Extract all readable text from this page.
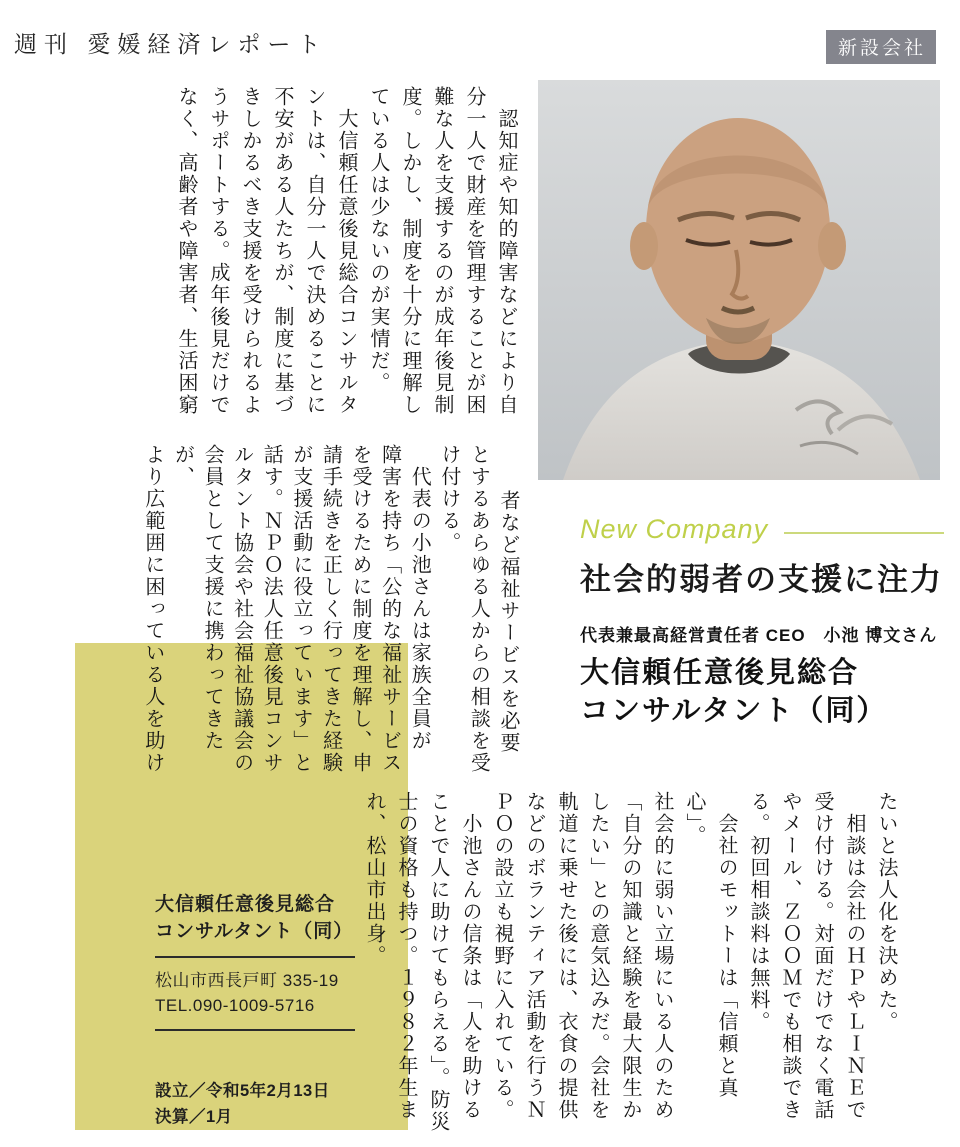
週刊 愛媛経済レポート	新設会社
　認知症や知的障害などにより自
分一人で財産を管理することが困
難な人を支援するのが成年後見制
度。しかし、制度を十分に理解し
ている人は少ないのが実情だ。
　大信頼任意後見総合コンサルタ
ントは、自分一人で決めることに
不安がある人たちが、制度に基づ
きしかるべき支援を受けられるよ
うサポートする。成年後見だけで
なく、高齢者や障害者、生活困窮
者など福祉サービスを必要
とするあらゆる人からの相談を受
け付ける。
　代表の小池さんは家族全員が
障害を持ち「公的な福祉サービス
を受けるために制度を理解し、申
請手続きを正しく行ってきた経験
が支援活動に役立っています」と
話す。ＮＰＯ法人任意後見コンサ
ルタント協会や社会福祉協議会の
会員として支援に携わってきたが、
より広範囲に困っている人を助け
たいと法人化を決めた。
　相談は会社のＨＰやＬＩＮＥで
受け付ける。対面だけでなく電話
やメール、ＺＯＯＭでも相談でき
る。初回相談料は無料。
　会社のモットーは「信頼と真心」。
社会的に弱い立場にいる人のため
「自分の知識と経験を最大限生か
したい」との意気込みだ。会社を
軌道に乗せた後には、衣食の提供
などのボランティア活動を行うＮ
ＰＯの設立も視野に入れている。
　小池さんの信条は「人を助ける
ことで人に助けてもらえる」。防災
士の資格も持つ。１９８２年生ま
れ、松山市出身。
New Company
社会的弱者の支援に注力
代表兼最高経営責任者 CEO　小池 博文さん
大信頼任意後見総合
コンサルタント（同）
大信頼任意後見総合
コンサルタント（同）
松山市西長戸町 335-19
TEL.090-1009-5716
設立／令和5年2月13日
決算／1月
